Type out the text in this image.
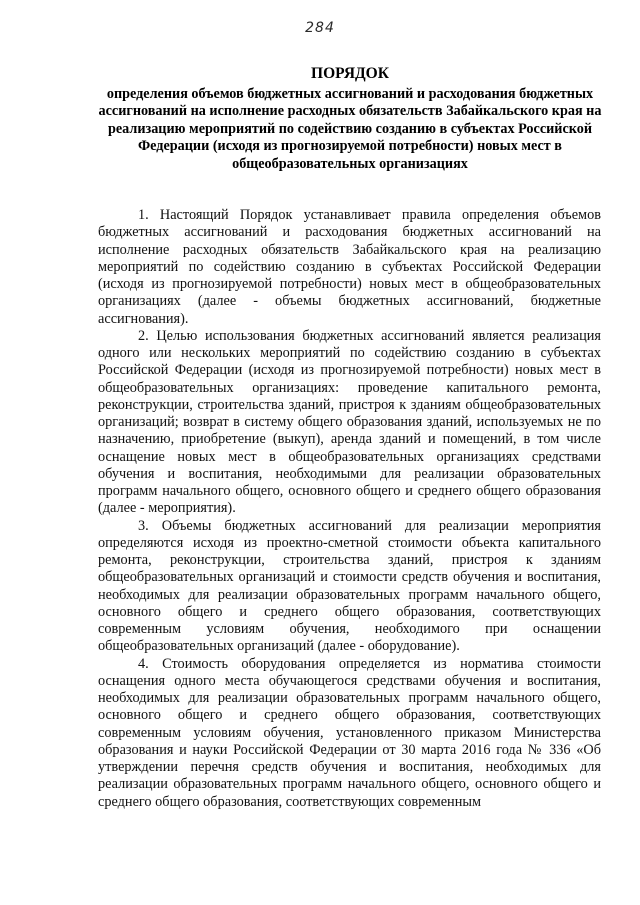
284
ПОРЯДОК
определения объемов бюджетных ассигнований и расходования бюджетных ассигнований на исполнение расходных обязательств Забайкальского края на реализацию мероприятий по содействию созданию в субъектах Российской Федерации (исходя из прогнозируемой потребности) новых мест в общеобразовательных организациях

1. Настоящий Порядок устанавливает правила определения объемов бюджетных ассигнований и расходования бюджетных ассигнований на исполнение расходных обязательств Забайкальского края на реализацию мероприятий по содействию созданию в субъектах Российской Федерации (исходя из прогнозируемой потребности) новых мест в общеобразовательных организациях (далее - объемы бюджетных ассигнований, бюджетные ассигнования).

2. Целью использования бюджетных ассигнований является реализация одного или нескольких мероприятий по содействию созданию в субъектах Российской Федерации (исходя из прогнозируемой потребности) новых мест в общеобразовательных организациях: проведение капитального ремонта, реконструкции, строительства зданий, пристроя к зданиям общеобразовательных организаций; возврат в систему общего образования зданий, используемых не по назначению, приобретение (выкуп), аренда зданий и помещений, в том числе оснащение новых мест в общеобразовательных организациях средствами обучения и воспитания, необходимыми для реализации образовательных программ начального общего, основного общего и среднего общего образования (далее - мероприятия).

3. Объемы бюджетных ассигнований для реализации мероприятия определяются исходя из проектно-сметной стоимости объекта капитального ремонта, реконструкции, строительства зданий, пристроя к зданиям общеобразовательных организаций и стоимости средств обучения и воспитания, необходимых для реализации образовательных программ начального общего, основного общего и среднего общего образования, соответствующих современным условиям обучения, необходимого при оснащении общеобразовательных организаций (далее - оборудование).

4. Стоимость оборудования определяется из норматива стоимости оснащения одного места обучающегося средствами обучения и воспитания, необходимых для реализации образовательных программ начального общего, основного общего и среднего общего образования, соответствующих современным условиям обучения, установленного приказом Министерства образования и науки Российской Федерации от 30 марта 2016 года № 336 «Об утверждении перечня средств обучения и воспитания, необходимых для реализации образовательных программ начального общего, основного общего и среднего общего образования, соответствующих современным
